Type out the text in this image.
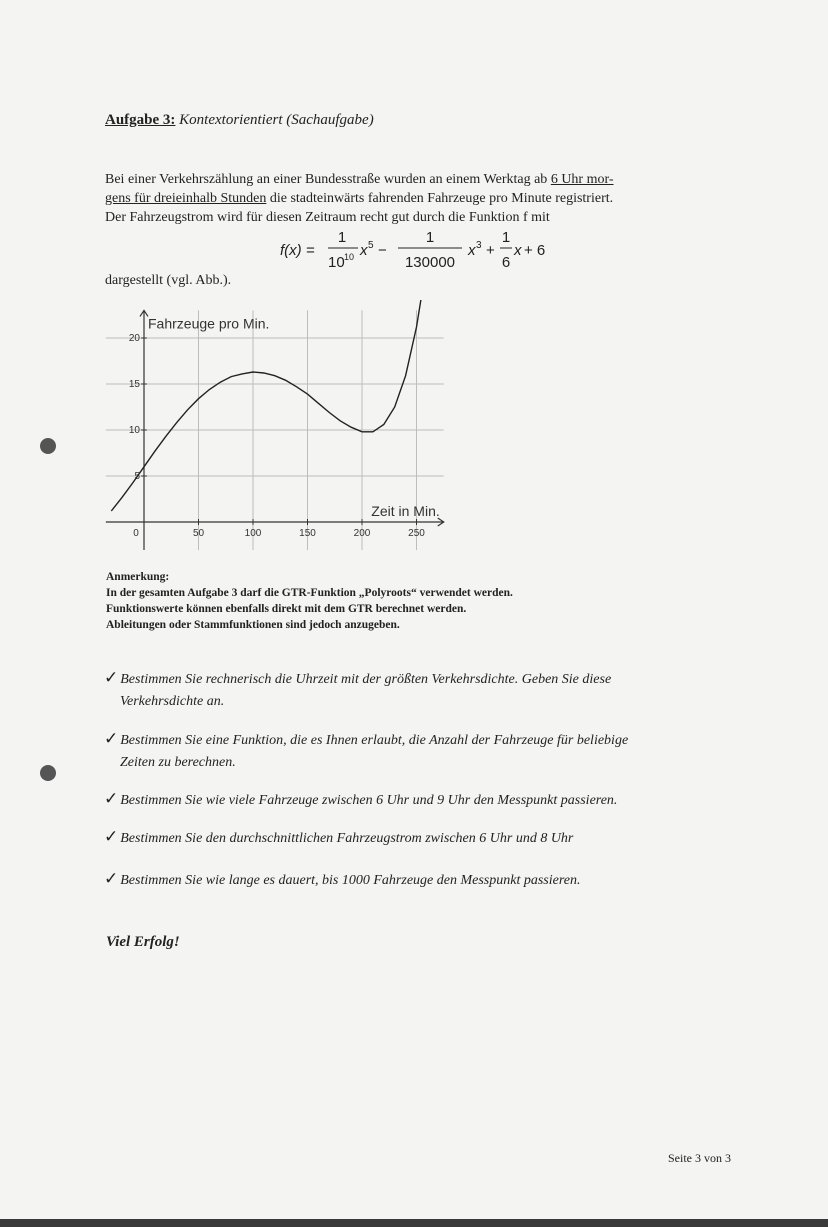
Aufgabe 3: Kontextorientiert (Sachaufgabe)
Bei einer Verkehrszählung an einer Bundesstraße wurden an einem Werktag ab 6 Uhr mor-
gens für dreieinhalb Stunden die stadteinwärts fahrenden Fahrzeuge pro Minute registriert.
Der Fahrzeugstrom wird für diesen Zeitraum recht gut durch die Funktion f mit
f(x) =
1
10 10 x 5 −
1
130000
x 3 +
1
6
x + 6
dargestellt (vgl. Abb.).
0	50	100	150	200	250
5
10
15
20
Fahrzeuge pro Min.
Zeit in Min.
Anmerkung:
In der gesamten Aufgabe 3 darf die GTR-Funktion „Polyroots“ verwendet werden.
Funktionswerte können ebenfalls direkt mit dem GTR berechnet werden.
Ableitungen oder Stammfunktionen sind jedoch anzugeben.
✓ Bestimmen Sie rechnerisch die Uhrzeit mit der größten Verkehrsdichte. Geben Sie diese
Verkehrsdichte an.
✓ Bestimmen Sie eine Funktion, die es Ihnen erlaubt, die Anzahl der Fahrzeuge für beliebige
Zeiten zu berechnen.
✓ Bestimmen Sie wie viele Fahrzeuge zwischen 6 Uhr und 9 Uhr den Messpunkt passieren.
✓ Bestimmen Sie den durchschnittlichen Fahrzeugstrom zwischen 6 Uhr und 8 Uhr
✓ Bestimmen Sie wie lange es dauert, bis 1000 Fahrzeuge den Messpunkt passieren.
Viel Erfolg!
Seite 3 von 3
